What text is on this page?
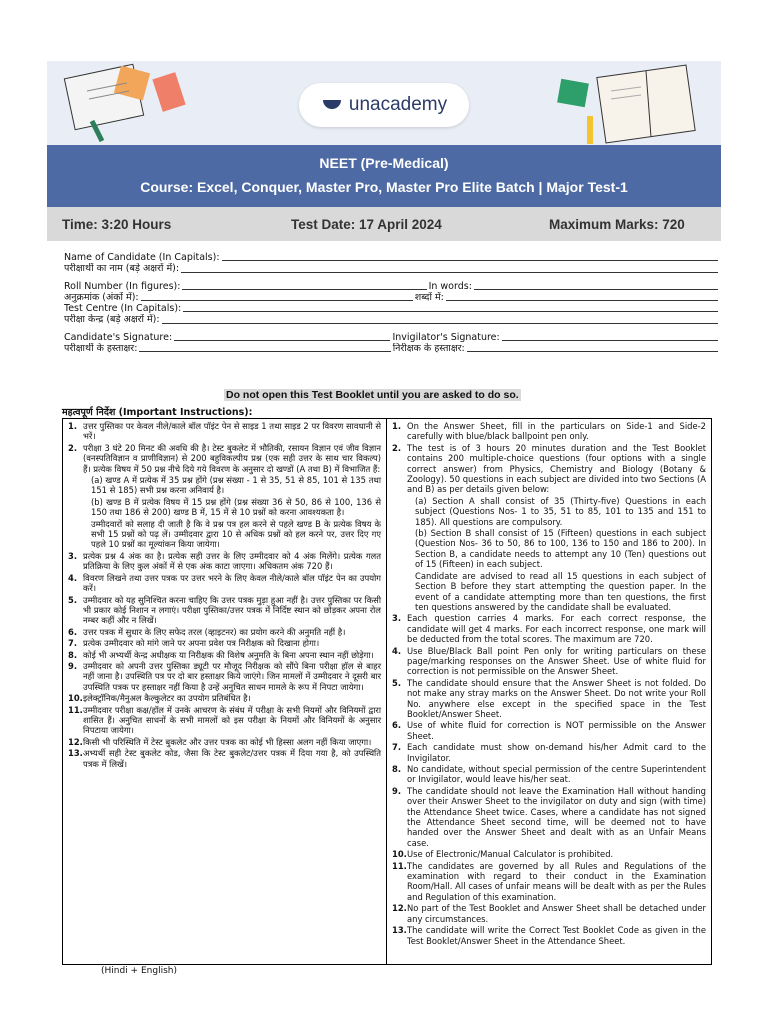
unacademy
NEET (Pre-Medical)
Course: Excel, Conquer, Master Pro, Master Pro Elite Batch | Major Test-1
Time: 3:20 Hours	Test Date: 17 April 2024	Maximum Marks: 720
Name of Candidate (In Capitals):
परीक्षार्थी का नाम (बड़े अक्षरों में):
Roll Number (In figures):	In words:
अनुक्रमांक (अंकों में):	शब्दों में:
Test Centre (In Capitals):
परीक्षा केन्द्र (बड़े अक्षरों में):
Candidate's Signature:	Invigilator's Signature:
परीक्षार्थी के हस्ताक्षर:	निरीक्षक के हस्ताक्षर:
Do not open this Test Booklet until you are asked to do so.
महत्वपूर्ण निर्देश (Important Instructions):
1. उत्तर पुस्तिका पर केवल नीले/काले बॉल पॉइंट पेन से साइड 1 तथा साइड 2 पर विवरण सावधानी से भरें।
2. परीक्षा 3 घंटे 20 मिनट की अवधि की है। टेस्ट बुकलेट में भौतिकी, रसायन विज्ञान एवं जीव विज्ञान (वनस्पतिविज्ञान व प्राणीविज्ञान) से 200 बहुविकल्पीय प्रश्न (एक सही उत्तर के साथ चार विकल्प) हैं। प्रत्येक विषय में 50 प्रश्न नीचे दिये गये विवरण के अनुसार दो खण्डों (A तथा B) में विभाजित हैं:
(a) खण्ड A में प्रत्येक में 35 प्रश्न होंगे (प्रश्न संख्या - 1 से 35, 51 से 85, 101 से 135 तथा 151 से 185) सभी प्रश्न करना अनिवार्य है।
(b) खण्ड B में प्रत्येक विषय में 15 प्रश्न होंगे (प्रश्न संख्या 36 से 50, 86 से 100, 136 से 150 तथा 186 से 200) खण्ड B में, 15 में से 10 प्रश्नों को करना आवश्यकता है।
उम्मीदवारों को सलाह दी जाती है कि वे प्रश्न पत्र हल करने से पहले खण्ड B के प्रत्येक विषय के सभी 15 प्रश्नों को पढ़ लें। उम्मीदवार द्वारा 10 से अधिक प्रश्नों को हल करने पर, उत्तर दिए गए पहले 10 प्रश्नों का मूल्यांकन किया जायेगा।
3. प्रत्येक प्रश्न 4 अंक का है। प्रत्येक सही उत्तर के लिए उम्मीदवार को 4 अंक मिलेंगे। प्रत्येक गलत प्रतिक्रिया के लिए कुल अंकों में से एक अंक काटा जाएगा। अधिकतम अंक 720 हैं।
4. विवरण लिखने तथा उत्तर पत्रक पर उत्तर भरने के लिए केवल नीले/काले बॉल पॉइंट पेन का उपयोग करें।
5. उम्मीदवार को यह सुनिश्चित करना चाहिए कि उत्तर पत्रक मुड़ा हुआ नहीं है। उत्तर पुस्तिका पर किसी भी प्रकार कोई निशान न लगाएं। परीक्षा पुस्तिका/उत्तर पत्रक में निर्दिष्ट स्थान को छोड़कर अपना रोल नम्बर कहीं और न लिखें।
6. उत्तर पत्रक में सुधार के लिए सफेद तरल (व्हाइटनर) का प्रयोग करने की अनुमति नहीं है।
7. प्रत्येक उम्मीदवार को मांगे जाने पर अपना प्रवेश पत्र निरीक्षक को दिखाना होगा।
8. कोई भी अभ्यर्थी केन्द्र अधीक्षक या निरीक्षक की विशेष अनुमति के बिना अपना स्थान नहीं छोड़ेगा।
9. उम्मीदवार को अपनी उत्तर पुस्तिका ड्यूटी पर मौजूद निरीक्षक को सौंपे बिना परीक्षा हॉल से बाहर नहीं जाना है। उपस्थिति पत्र पर दो बार हस्ताक्षर किये जाएंगे। जिन मामलों में उम्मीदवार ने दूसरी बार उपस्थिति पत्रक पर हस्ताक्षर नहीं किया है उन्हें अनुचित साधन मामले के रूप में निपटा जायेगा।
10. इलेक्ट्रॉनिक/मैनुअल कैल्कुलेटर का उपयोग प्रतिबंधित है।
11. उम्मीदवार परीक्षा कक्ष/हॉल में उनके आचरण के संबंध में परीक्षा के सभी नियमों और विनियमों द्वारा शासित हैं। अनुचित साधनों के सभी मामलों को इस परीक्षा के नियमों और विनियमों के अनुसार निपटाया जायेगा।
12. किसी भी परिस्थिति में टेस्ट बुकलेट और उत्तर पत्रक का कोई भी हिस्सा अलग नहीं किया जाएगा।
13. अभ्यर्थी सही टेस्ट बुकलेट कोड, जैसा कि टेस्ट बुकलेट/उत्तर पत्रक में दिया गया है, को उपस्थिति पत्रक में लिखें।
1. On the Answer Sheet, fill in the particulars on Side-1 and Side-2 carefully with blue/black ballpoint pen only.
2. The test is of 3 hours 20 minutes duration and the Test Booklet contains 200 multiple-choice questions (four options with a single correct answer) from Physics, Chemistry and Biology (Botany & Zoology). 50 questions in each subject are divided into two Sections (A and B) as per details given below:
(a) Section A shall consist of 35 (Thirty-five) Questions in each subject (Questions Nos- 1 to 35, 51 to 85, 101 to 135 and 151 to 185). All questions are compulsory.
(b) Section B shall consist of 15 (Fifteen) questions in each subject (Question Nos- 36 to 50, 86 to 100, 136 to 150 and 186 to 200). In Section B, a candidate needs to attempt any 10 (Ten) questions out of 15 (Fifteen) in each subject.
Candidate are advised to read all 15 questions in each subject of Section B before they start attempting the question paper. In the event of a candidate attempting more than ten questions, the first ten questions answered by the candidate shall be evaluated.
3. Each question carries 4 marks. For each correct response, the candidate will get 4 marks. For each incorrect response, one mark will be deducted from the total scores. The maximum are 720.
4. Use Blue/Black Ball point Pen only for writing particulars on these page/marking responses on the Answer Sheet. Use of white fluid for correction is not permissible on the Answer Sheet.
5. The candidate should ensure that the Answer Sheet is not folded. Do not make any stray marks on the Answer Sheet. Do not write your Roll No. anywhere else except in the specified space in the Test Booklet/Answer Sheet.
6. Use of white fluid for correction is NOT permissible on the Answer Sheet.
7. Each candidate must show on-demand his/her Admit card to the Invigilator.
8. No candidate, without special permission of the centre Superintendent or Invigilator, would leave his/her seat.
9. The candidate should not leave the Examination Hall without handing over their Answer Sheet to the invigilator on duty and sign (with time) the Attendance Sheet twice. Cases, where a candidate has not signed the Attendance Sheet second time, will be deemed not to have handed over the Answer Sheet and dealt with as an Unfair Means case.
10. Use of Electronic/Manual Calculator is prohibited.
11. The candidates are governed by all Rules and Regulations of the examination with regard to their conduct in the Examination Room/Hall. All cases of unfair means will be dealt with as per the Rules and Regulation of this examination.
12. No part of the Test Booklet and Answer Sheet shall be detached under any circumstances.
13. The candidate will write the Correct Test Booklet Code as given in the Test Booklet/Answer Sheet in the Attendance Sheet.
(Hindi + English)
